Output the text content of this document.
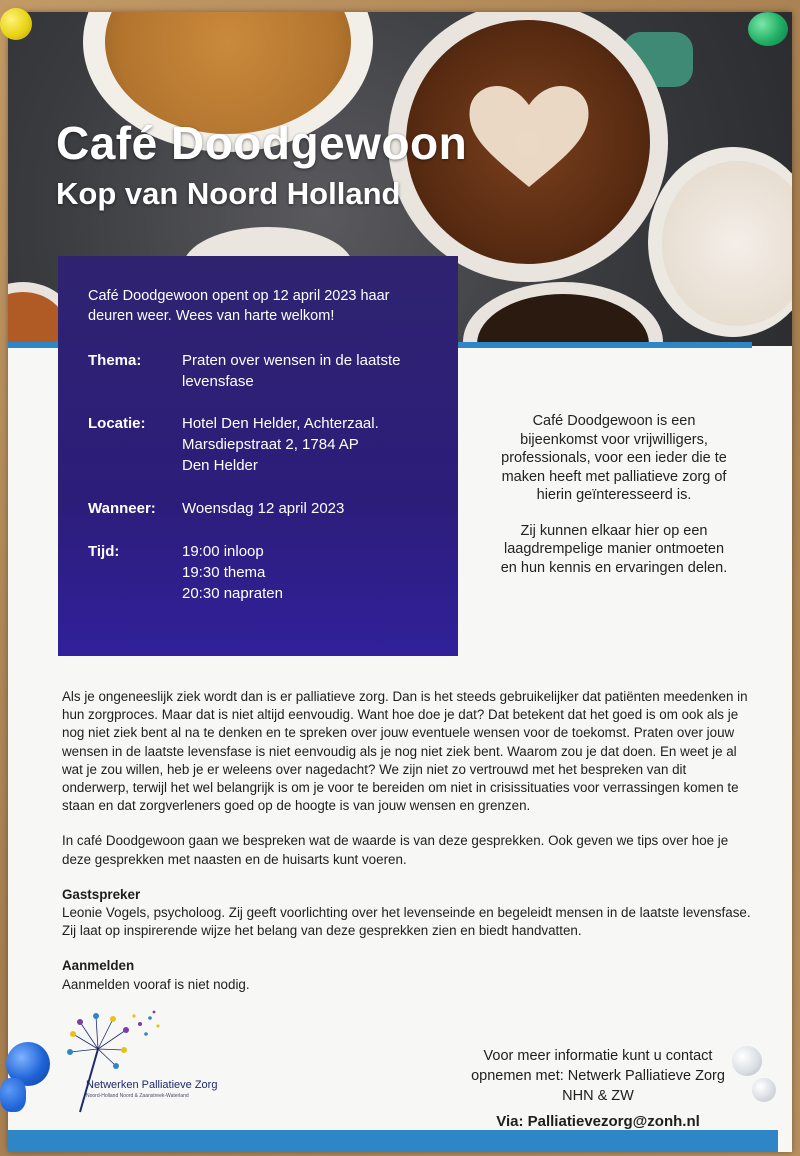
Café Doodgewoon
Kop van Noord Holland
Café Doodgewoon opent op 12 april 2023 haar deuren weer. Wees van harte welkom!
Thema:	Praten over wensen in de laatste
levensfase
Locatie: Hotel Den Helder, Achterzaal.
Marsdiepstraat 2, 1784 AP
Den Helder
Wanneer: Woensdag 12 april 2023
Tijd:	19:00 inloop
19:30 thema
20:30 napraten

Café Doodgewoon is een bijeenkomst voor vrijwilligers, professionals, voor een ieder die te maken heeft met palliatieve zorg of hierin geïnteresseerd is.

Zij kunnen elkaar hier op een laagdrempelige manier ontmoeten en hun kennis en ervaringen delen.

Als je ongeneeslijk ziek wordt dan is er palliatieve zorg. Dan is het steeds gebruikelijker dat patiënten meedenken in hun zorgproces. Maar dat is niet altijd eenvoudig. Want hoe doe je dat? Dat betekent dat het goed is om ook als je nog niet ziek bent al na te denken en te spreken over jouw eventuele wensen voor de toekomst. Praten over jouw wensen in de laatste levensfase is niet eenvoudig als je nog niet ziek bent. Waarom zou je dat doen. En weet je al wat je zou willen, heb je er weleens over nagedacht? We zijn niet zo vertrouwd met het bespreken van dit onderwerp, terwijl het wel belangrijk is om je voor te bereiden om niet in crisissituaties voor verrassingen komen te staan en dat zorgverleners goed op de hoogte is van jouw wensen en grenzen.

In café Doodgewoon gaan we bespreken wat de waarde is van deze gesprekken. Ook geven we tips over hoe je deze gesprekken met naasten en de huisarts kunt voeren.

Gastspreker
Leonie Vogels, psycholoog. Zij geeft voorlichting over het levenseinde en begeleidt mensen in de laatste levensfase. Zij laat op inspirerende wijze het belang van deze gesprekken zien en biedt handvatten.

Aanmelden
Aanmelden vooraf is niet nodig.

Netwerken Palliatieve Zorg
Noord-Holland Noord & Zaanstreek-Waterland
Voor meer informatie kunt u contact
opnemen met: Netwerk Palliatieve Zorg
NHN & ZW
Via: Palliatievezorg@zonh.nl
